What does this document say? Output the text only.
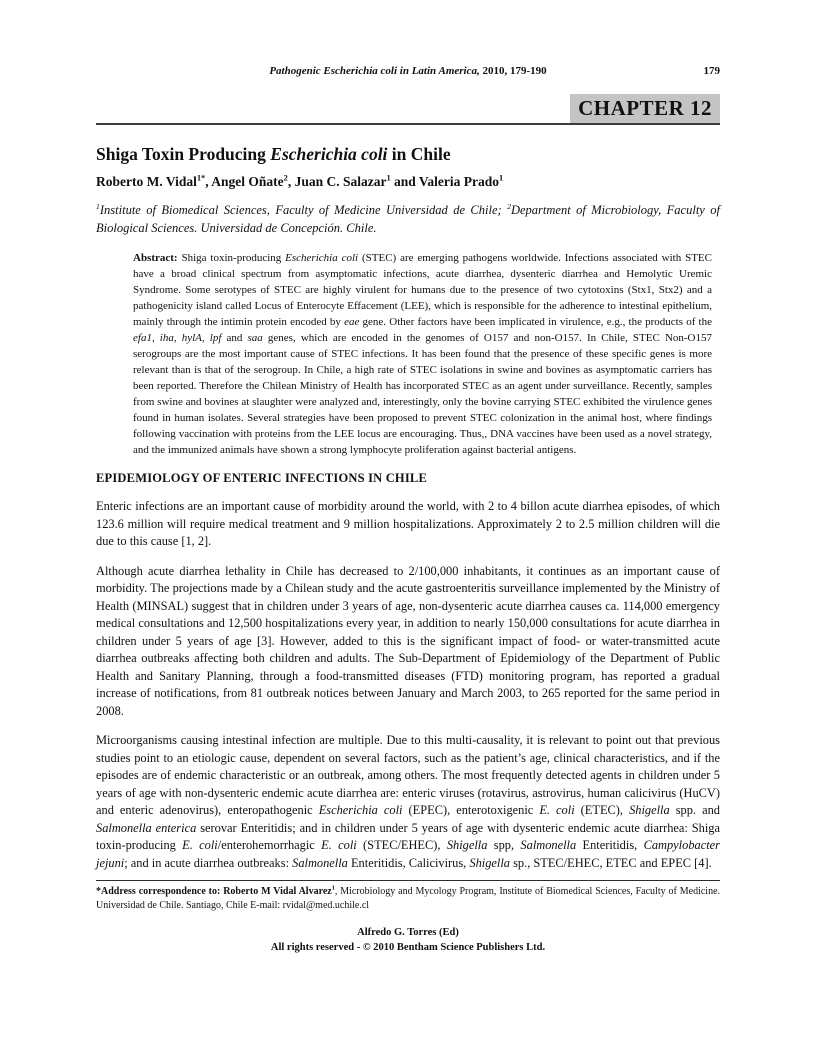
Pathogenic Escherichia coli in Latin America, 2010, 179-190	179
CHAPTER 12
Shiga Toxin Producing Escherichia coli in Chile
Roberto M. Vidal$^{1*}$, Angel Oñate$^2$, Juan C. Salazar$^1$ and Valeria Prado$^1$
$^1$Institute of Biomedical Sciences, Faculty of Medicine Universidad de Chile; $^2$Department of Microbiology, Faculty of Biological Sciences. Universidad de Concepción. Chile.
Abstract: Shiga toxin-producing Escherichia coli (STEC) are emerging pathogens worldwide. Infections associated with STEC have a broad clinical spectrum from asymptomatic infections, acute diarrhea, dysenteric diarrhea and Hemolytic Uremic Syndrome. Some serotypes of STEC are highly virulent for humans due to the presence of two cytotoxins (Stx1, Stx2) and a pathogenicity island called Locus of Enterocyte Effacement (LEE), which is responsible for the adherence to intestinal epithelium, mainly through the intimin protein encoded by eae gene. Other factors have been implicated in virulence, e.g., the products of the efa1, iha, hylA, lpf and saa genes, which are encoded in the genomes of O157 and non-O157. In Chile, STEC Non-O157 serogroups are the most important cause of STEC infections. It has been found that the presence of these specific genes is more relevant than is that of the serogroup. In Chile, a high rate of STEC isolations in swine and bovines as asymptomatic carriers has been reported. Therefore the Chilean Ministry of Health has incorporated STEC as an agent under surveillance. Recently, samples from swine and bovines at slaughter were analyzed and, interestingly, only the bovine carrying STEC exhibited the virulence genes found in human isolates. Several strategies have been proposed to prevent STEC colonization in the animal host, where findings following vaccination with proteins from the LEE locus are encouraging. Thus,, DNA vaccines have been used as a novel strategy, and the immunized animals have shown a strong lymphocyte proliferation against bacterial antigens.
EPIDEMIOLOGY OF ENTERIC INFECTIONS IN CHILE

Enteric infections are an important cause of morbidity around the world, with 2 to 4 billon acute diarrhea episodes, of which 123.6 million will require medical treatment and 9 million hospitalizations. Approximately 2 to 2.5 million children will die due to this cause [1, 2].

Although acute diarrhea lethality in Chile has decreased to 2/100,000 inhabitants, it continues as an important cause of morbidity. The projections made by a Chilean study and the acute gastroenteritis surveillance implemented by the Ministry of Health (MINSAL) suggest that in children under 3 years of age, non-dysenteric acute diarrhea causes ca. 114,000 emergency medical consultations and 12,500 hospitalizations every year, in addition to nearly 150,000 consultations for acute diarrhea in children under 5 years of age [3]. However, added to this is the significant impact of food- or water-transmitted acute diarrhea outbreaks affecting both children and adults. The Sub-Department of Epidemiology of the Department of Public Health and Sanitary Planning, through a food-transmitted diseases (FTD) monitoring program, has reported a gradual increase of notifications, from 81 outbreak notices between January and March 2003, to 265 reported for the same period in 2008.

Microorganisms causing intestinal infection are multiple. Due to this multi-causality, it is relevant to point out that previous studies point to an etiologic cause, dependent on several factors, such as the patient’s age, clinical characteristics, and if the episodes are of endemic characteristic or an outbreak, among others. The most frequently detected agents in children under 5 years of age with non-dysenteric endemic acute diarrhea are: enteric viruses (rotavirus, astrovirus, human calicivirus (HuCV) and enteric adenovirus), enteropathogenic Escherichia coli (EPEC), enterotoxigenic E. coli (ETEC), Shigella spp. and Salmonella enterica serovar Enteritidis; and in children under 5 years of age with dysenteric endemic acute diarrhea: Shiga toxin-producing E. coli/enterohemorrhagic E. coli (STEC/EHEC), Shigella spp, Salmonella Enteritidis, Campylobacter jejuni; and in acute diarrhea outbreaks: Salmonella Enteritidis, Calicivirus, Shigella sp., STEC/EHEC, ETEC and EPEC [4].

*Address correspondence to: Roberto M Vidal Alvarez$^1$, Microbiology and Mycology Program, Institute of Biomedical Sciences, Faculty of Medicine. Universidad de Chile. Santiago, Chile E-mail: rvidal@med.uchile.cl
Alfredo G. Torres (Ed)
All rights reserved - © 2010 Bentham Science Publishers Ltd.
